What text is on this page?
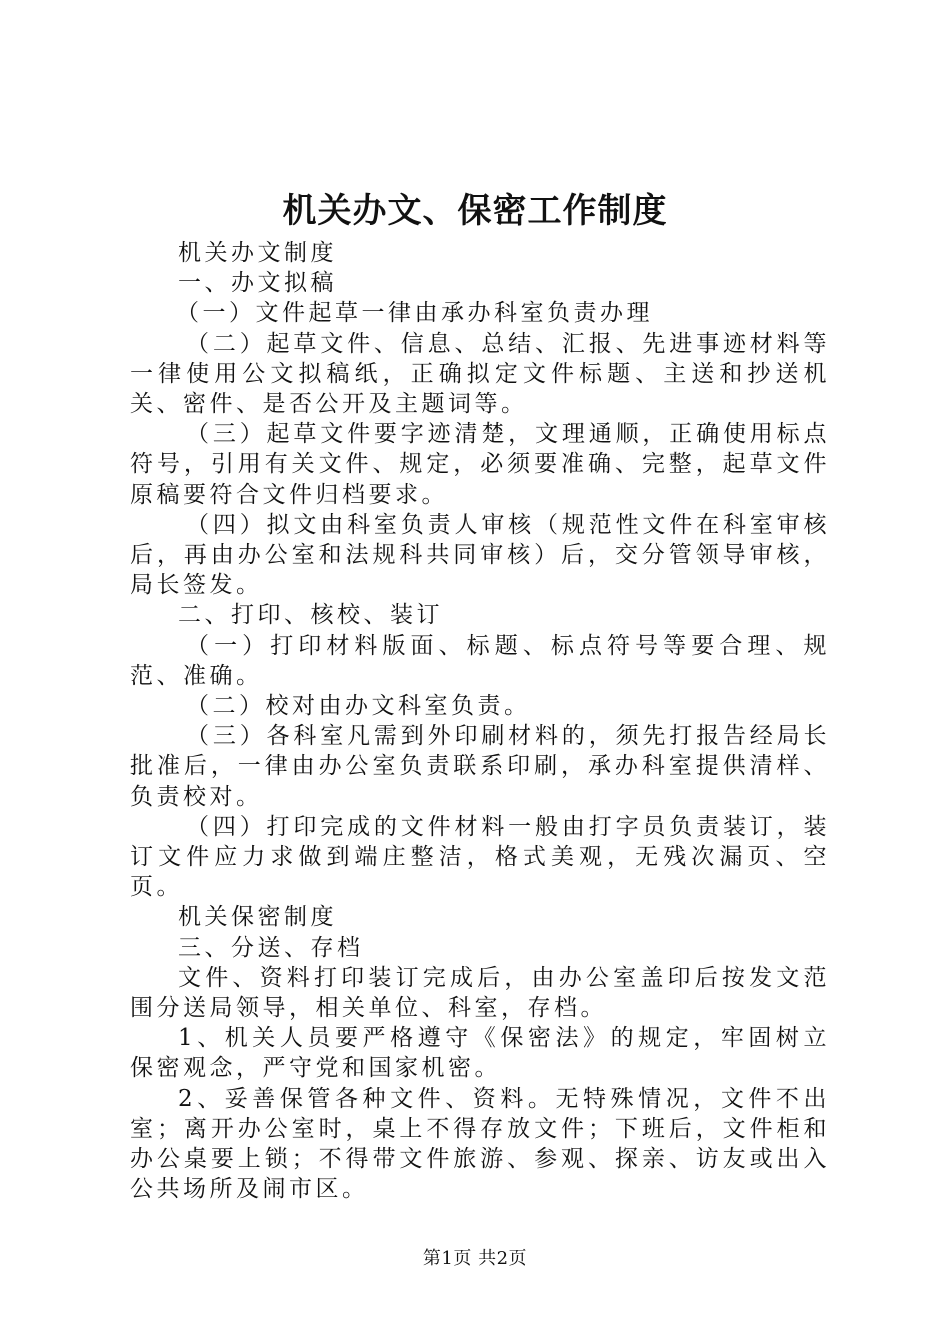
机关办文、保密工作制度

机关办文制度

一、办文拟稿

（一）文件起草一律由承办科室负责办理

（二）起草文件、信息、总结、汇报、先进事迹材料等一律使用公文拟稿纸，正确拟定文件标题、主送和抄送机关、密件、是否公开及主题词等。

（三）起草文件要字迹清楚，文理通顺，正确使用标点符号，引用有关文件、规定，必须要准确、完整，起草文件原稿要符合文件归档要求。

（四）拟文由科室负责人审核（规范性文件在科室审核后，再由办公室和法规科共同审核）后，交分管领导审核，局长签发。

二、打印、核校、装订

（一）打印材料版面、标题、标点符号等要合理、规范、准确。

（二）校对由办文科室负责。

（三）各科室凡需到外印刷材料的，须先打报告经局长批准后，一律由办公室负责联系印刷，承办科室提供清样、负责校对。

（四）打印完成的文件材料一般由打字员负责装订，装订文件应力求做到端庄整洁，格式美观，无残次漏页、空页。

机关保密制度

三、分送、存档

文件、资料打印装订完成后，由办公室盖印后按发文范围分送局领导，相关单位、科室，存档。

1、机关人员要严格遵守《保密法》的规定，牢固树立保密观念，严守党和国家机密。

2、妥善保管各种文件、资料。无特殊情况，文件不出室；离开办公室时，桌上不得存放文件；下班后，文件柜和办公桌要上锁；不得带文件旅游、参观、探亲、访友或出入公共场所及闹市区。

第1页 共2页
